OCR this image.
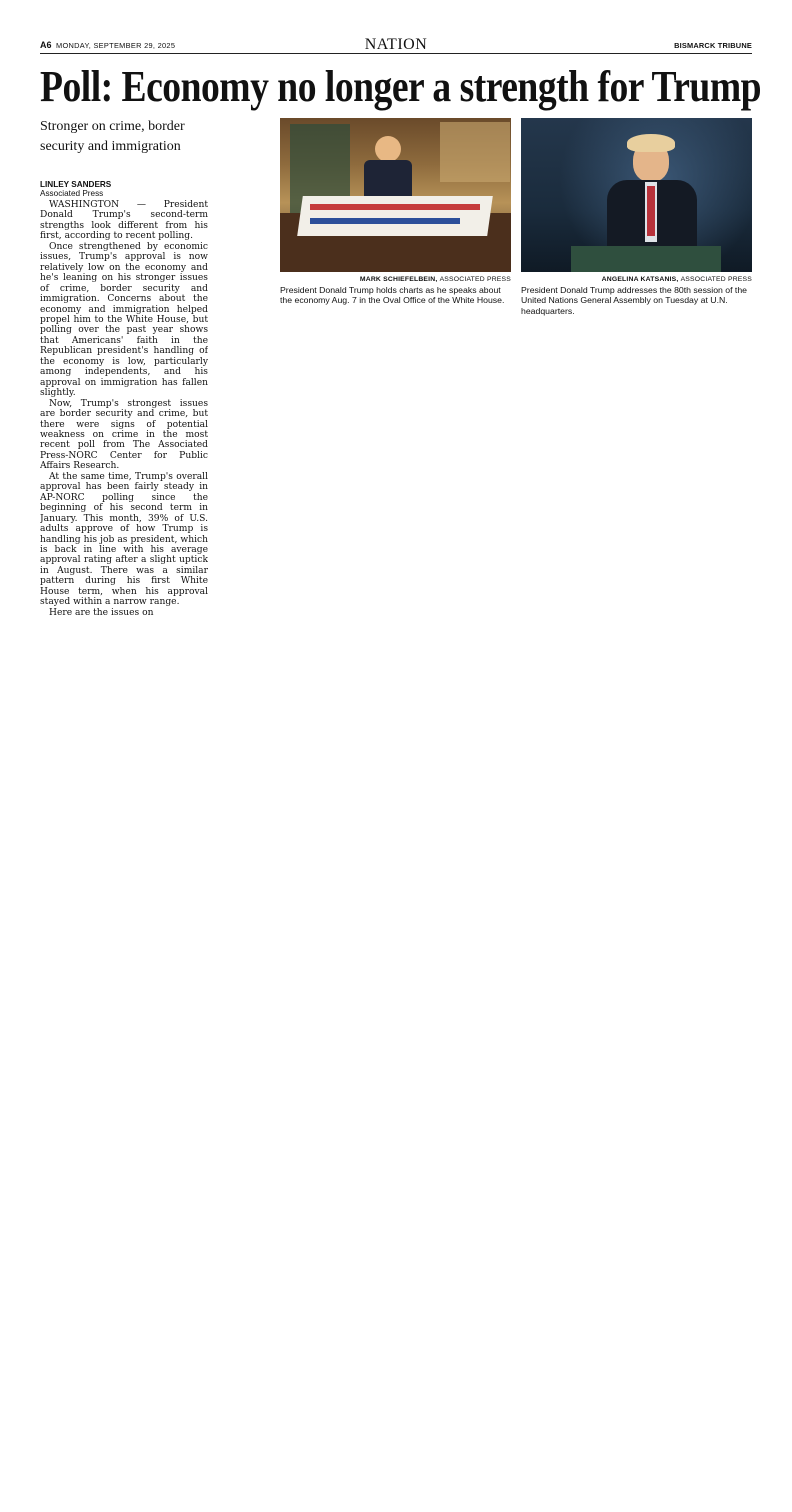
A6 MONDAY, SEPTEMBER 29, 2025	NATION	BISMARCK TRIBUNE
Poll: Economy no longer a strength for Trump
Stronger on crime, border security and immigration
LINLEY SANDERS
Associated Press

WASHINGTON — President Donald Trump's second-term strengths look different from his first, according to recent polling.

Once strengthened by economic issues, Trump's approval is now relatively low on the economy and he's leaning on his stronger issues of crime, border security and immigration. Concerns about the economy and immigration helped propel him to the White House, but polling over the past year shows that Americans' faith in the Republican president's handling of the economy is low, particularly among independents, and his approval on immigration has fallen slightly.

Now, Trump's strongest issues are border security and crime, but there were signs of potential weakness on crime in the most recent poll from The Associated Press-NORC Center for Public Affairs Research.

At the same time, Trump's overall approval has been fairly steady in AP-NORC polling since the beginning of his second term in January. This month, 39% of U.S. adults approve of how Trump is handling his job as president, which is back in line with his average approval rating after a slight uptick in August. There was a similar pattern during his first White House term, when his approval stayed within a narrow range.

Here are the issues on

MARK SCHIEFELBEIN, ASSOCIATED PRESS
President Donald Trump holds charts as he speaks about the economy Aug. 7 in the Oval Office of the White House.
ANGELINA KATSANIS, ASSOCIATED PRESS
President Donald Trump addresses the 80th session of the United Nations General Assembly on Tuesday at U.N. headquarters.
